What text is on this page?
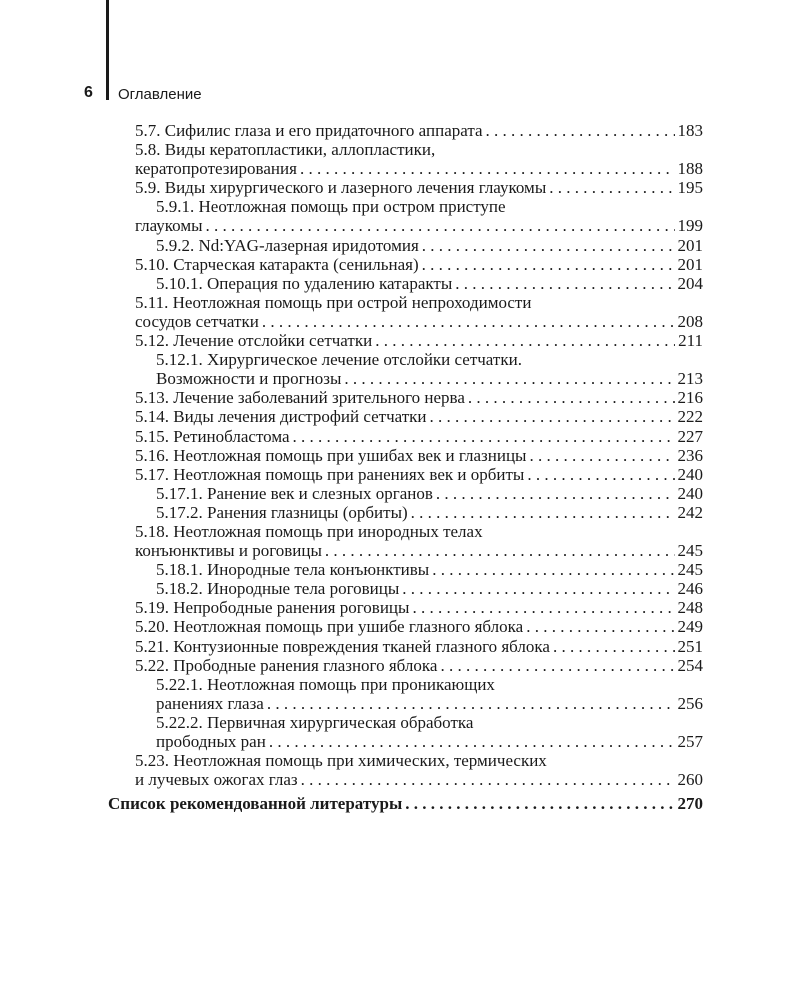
6 Оглавление
5.7. Сифилис глаза и его придаточного аппарата . . .	183
5.8. Виды кератопластики, аллопластики,
кератопротезирования . . .	188
5.9. Виды хирургического и лазерного лечения глаукомы . . .	195
5.9.1. Неотложная помощь при остром приступе
глаукомы . . .	199
5.9.2. Nd:YAG-лазерная иридотомия . . .	201
5.10. Старческая катаракта (сенильная) . . .	201
5.10.1. Операция по удалению катаракты . . .	204
5.11. Неотложная помощь при острой непроходимости
сосудов сетчатки . . .	208
5.12. Лечение отслойки сетчатки . . .	211
5.12.1. Хирургическое лечение отслойки сетчатки.
Возможности и прогнозы . . .	213
5.13. Лечение заболеваний зрительного нерва . . .	216
5.14. Виды лечения дистрофий сетчатки . . .	222
5.15. Ретинобластома . . .	227
5.16. Неотложная помощь при ушибах век и глазницы . . .	236
5.17. Неотложная помощь при ранениях век и орбиты . . .	240
5.17.1. Ранение век и слезных органов . . .	240
5.17.2. Ранения глазницы (орбиты) . . .	242
5.18. Неотложная помощь при инородных телах
конъюнктивы и роговицы . . .	245
5.18.1. Инородные тела конъюнктивы . . .	245
5.18.2. Инородные тела роговицы . . .	246
5.19. Непрободные ранения роговицы . . .	248
5.20. Неотложная помощь при ушибе глазного яблока . . .	249
5.21. Контузионные повреждения тканей глазного яблока . . .	251
5.22. Прободные ранения глазного яблока . . .	254
5.22.1. Неотложная помощь при проникающих
ранениях глаза . . .	256
5.22.2. Первичная хирургическая обработка
прободных ран . . .	257
5.23. Неотложная помощь при химических, термических
и лучевых ожогах глаз . . .	260
Список рекомендованной литературы . . .	270
